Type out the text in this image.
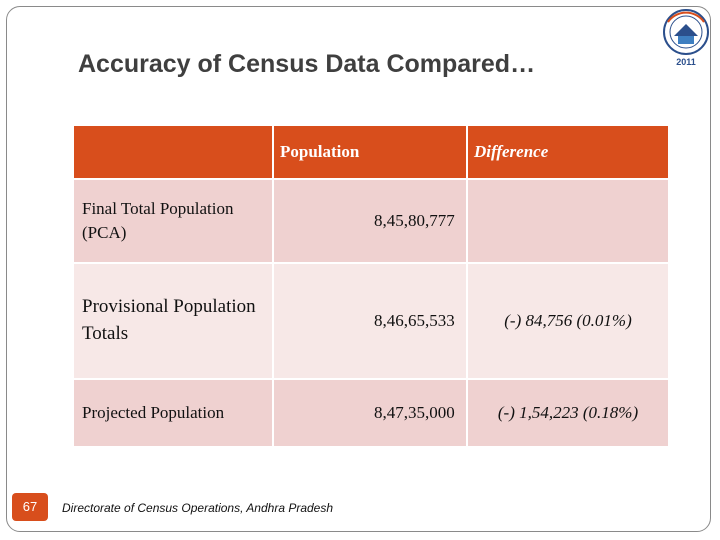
2011
Accuracy of Census Data Compared…
	Population	Difference
Final Total Population (PCA)	8,45,80,777	
Provisional Population Totals	8,46,65,533	(-) 84,756 (0.01%)
Projected Population	8,47,35,000	(-) 1,54,223 (0.18%)
67	Directorate of Census Operations, Andhra Pradesh
